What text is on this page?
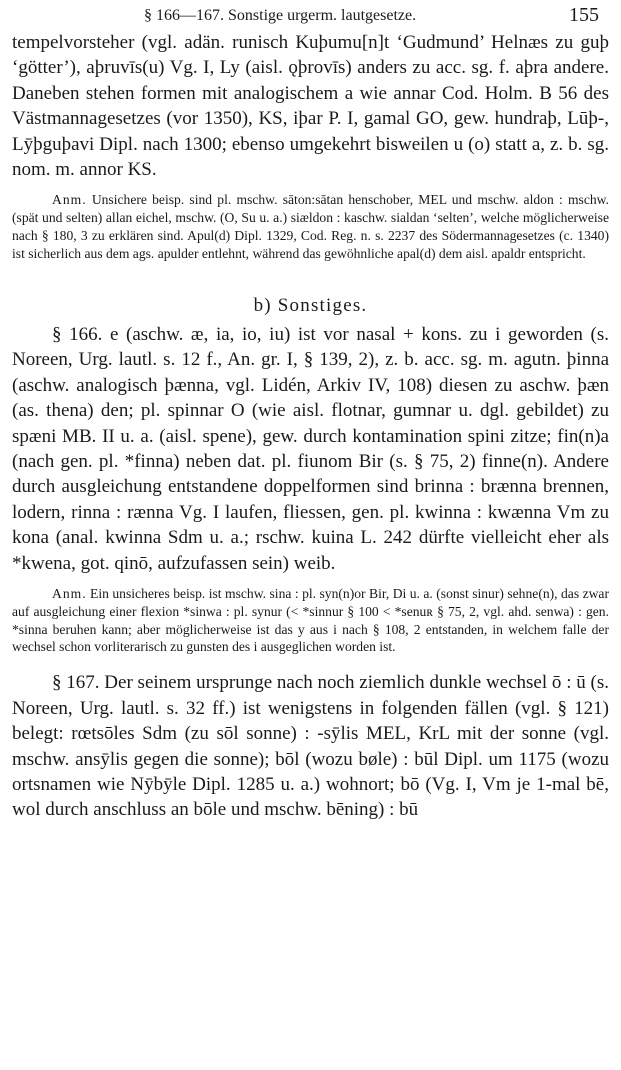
§ 166—167. Sonstige urgerm. lautgesetze.	155

tempelvorsteher (vgl. adän. runisch Kuþumu[n]t ‘Gudmund’ Helnæs zu guþ ‘götter’), aþruvīs(u) Vg. I, Ly (aisl. ǫþrovīs) anders zu acc. sg. f. aþra andere. Daneben stehen formen mit analogischem a wie annar Cod. Holm. B 56 des Västmannagesetzes (vor 1350), KS, iþar P. I, gamal GO, gew. hundraþ, Lūþ-, Lȳþguþavi Dipl. nach 1300; ebenso umgekehrt bisweilen u (o) statt a, z. b. sg. nom. m. annor KS.

Anm. Unsichere beisp. sind pl. mschw. sāton:sātan henschober, MEL und mschw. aldon : mschw. (spät und selten) allan eichel, mschw. (O, Su u. a.) siældon : kaschw. sialdan ‘selten’, welche möglicherweise nach § 180, 3 zu erklären sind. Apul(d) Dipl. 1329, Cod. Reg. n. s. 2237 des Södermannagesetzes (c. 1340) ist sicherlich aus dem ags. apulder entlehnt, während das gewöhnliche apal(d) dem aisl. apaldr entspricht.
b) Sonstiges.

§ 166. e (aschw. æ, ia, io, iu) ist vor nasal + kons. zu i geworden (s. Noreen, Urg. lautl. s. 12 f., An. gr. I, § 139, 2), z. b. acc. sg. m. agutn. þinna (aschw. analogisch þænna, vgl. Lidén, Arkiv IV, 108) diesen zu aschw. þæn (as. thena) den; pl. spinnar O (wie aisl. flotnar, gumnar u. dgl. gebildet) zu spæni MB. II u. a. (aisl. spene), gew. durch kontamination spini zitze; fin(n)a (nach gen. pl. *finna) neben dat. pl. fiunom Bir (s. § 75, 2) finne(n). Andere durch ausgleichung entstandene doppelformen sind brinna : brænna brennen, lodern, rinna : rænna Vg. I laufen, fliessen, gen. pl. kwinna : kwænna Vm zu kona (anal. kwinna Sdm u. a.; rschw. kuina L. 242 dürfte vielleicht eher als *kwena, got. qinō, aufzufassen sein) weib.

Anm. Ein unsicheres beisp. ist mschw. sina : pl. syn(n)or Bir, Di u. a. (sonst sinur) sehne(n), das zwar auf ausgleichung einer flexion *sinwa : pl. synur (< *sinnur § 100 < *senuʀ § 75, 2, vgl. ahd. senwa) : gen. *sinna beruhen kann; aber möglicherweise ist das y aus i nach § 108, 2 entstanden, in welchem falle der wechsel schon vorliterarisch zu gunsten des i ausgeglichen worden ist.

§ 167. Der seinem ursprunge nach noch ziemlich dunkle wechsel ō : ū (s. Noreen, Urg. lautl. s. 32 ff.) ist wenigstens in folgenden fällen (vgl. § 121) belegt: rœtsōles Sdm (zu sōl sonne) : -sȳlis MEL, KrL mit der sonne (vgl. mschw. ansȳlis gegen die sonne); bōl (wozu bøle) : būl Dipl. um 1175 (wozu ortsnamen wie Nȳbȳle Dipl. 1285 u. a.) wohnort; bō (Vg. I, Vm je 1-mal bē, wol durch anschluss an bōle und mschw. bēning) : bū
